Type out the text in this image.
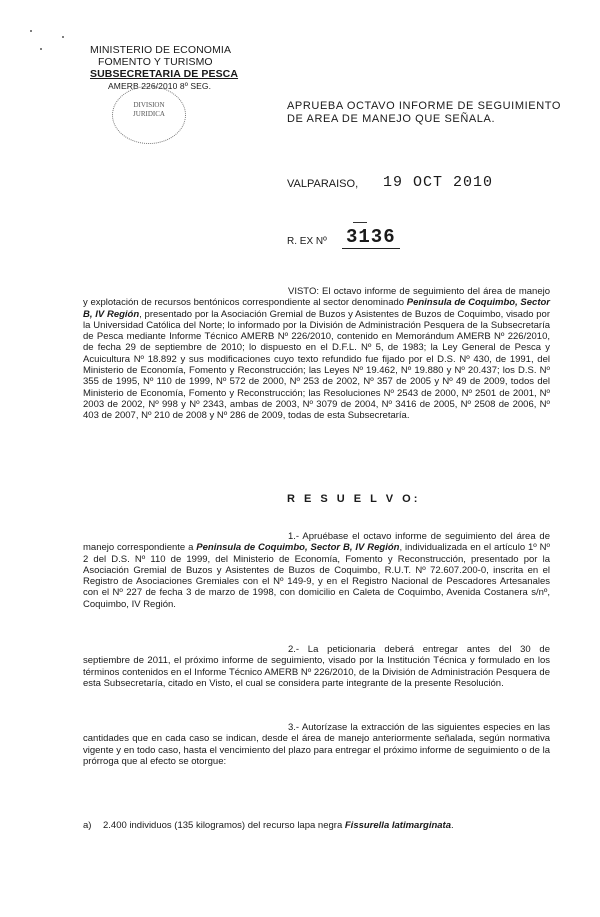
MINISTERIO DE ECONOMIA
FOMENTO Y TURISMO
SUBSECRETARIA DE PESCA
AMERB 226/2010 8º SEG.
DIVISION
JURIDICA
APRUEBA OCTAVO INFORME DE SEGUIMIENTO
DE AREA DE MANEJO QUE SEÑALA.
VALPARAISO, 19 OCT 2010
R. EX Nº 3136
VISTO: El octavo informe de seguimiento del área de manejo y explotación de recursos bentónicos correspondiente al sector denominado Peninsula de Coquimbo, Sector B, IV Región, presentado por la Asociación Gremial de Buzos y Asistentes de Buzos de Coquimbo, visado por la Universidad Católica del Norte; lo informado por la División de Administración Pesquera de la Subsecretaría de Pesca mediante Informe Técnico AMERB Nº 226/2010, contenido en Memorándum AMERB Nº 226/2010, de fecha 29 de septiembre de 2010; lo dispuesto en el D.F.L. Nº 5, de 1983; la Ley General de Pesca y Acuicultura Nº 18.892 y sus modificaciones cuyo texto refundido fue fijado por el D.S. Nº 430, de 1991, del Ministerio de Economía, Fomento y Reconstrucción; las Leyes Nº 19.462, Nº 19.880 y Nº 20.437; los D.S. Nº 355 de 1995, Nº 110 de 1999, Nº 572 de 2000, Nº 253 de 2002, Nº 357 de 2005 y Nº 49 de 2009, todos del Ministerio de Economía, Fomento y Reconstrucción; las Resoluciones Nº 2543 de 2000, Nº 2501 de 2001, Nº 2003 de 2002, Nº 998 y Nº 2343, ambas de 2003, Nº 3079 de 2004, Nº 3416 de 2005, Nº 2508 de 2006, Nº 403 de 2007, Nº 210 de 2008 y Nº 286 de 2009, todas de esta Subsecretaría.
R E S U E L V O:
1.- Apruébase el octavo informe de seguimiento del área de manejo correspondiente a Peninsula de Coquimbo, Sector B, IV Región, individualizada en el artículo 1º Nº 2 del D.S. Nº 110 de 1999, del Ministerio de Economía, Fomento y Reconstrucción, presentado por la Asociación Gremial de Buzos y Asistentes de Buzos de Coquimbo, R.U.T. Nº 72.607.200-0, inscrita en el Registro de Asociaciones Gremiales con el Nº 149-9, y en el Registro Nacional de Pescadores Artesanales con el Nº 227 de fecha 3 de marzo de 1998, con domicilio en Caleta de Coquimbo, Avenida Costanera s/nº, Coquimbo, IV Región.
2.- La peticionaria deberá entregar antes del 30 de septiembre de 2011, el próximo informe de seguimiento, visado por la Institución Técnica y formulado en los términos contenidos en el Informe Técnico AMERB Nº 226/2010, de la División de Administración Pesquera de esta Subsecretaría, citado en Visto, el cual se considera parte integrante de la presente Resolución.
3.- Autorízase la extracción de las siguientes especies en las cantidades que en cada caso se indican, desde el área de manejo anteriormente señalada, según normativa vigente y en todo caso, hasta el vencimiento del plazo para entregar el próximo informe de seguimiento o de la prórroga que al efecto se otorgue:
a) 2.400 individuos (135 kilogramos) del recurso lapa negra Fissurella latimarginata.
